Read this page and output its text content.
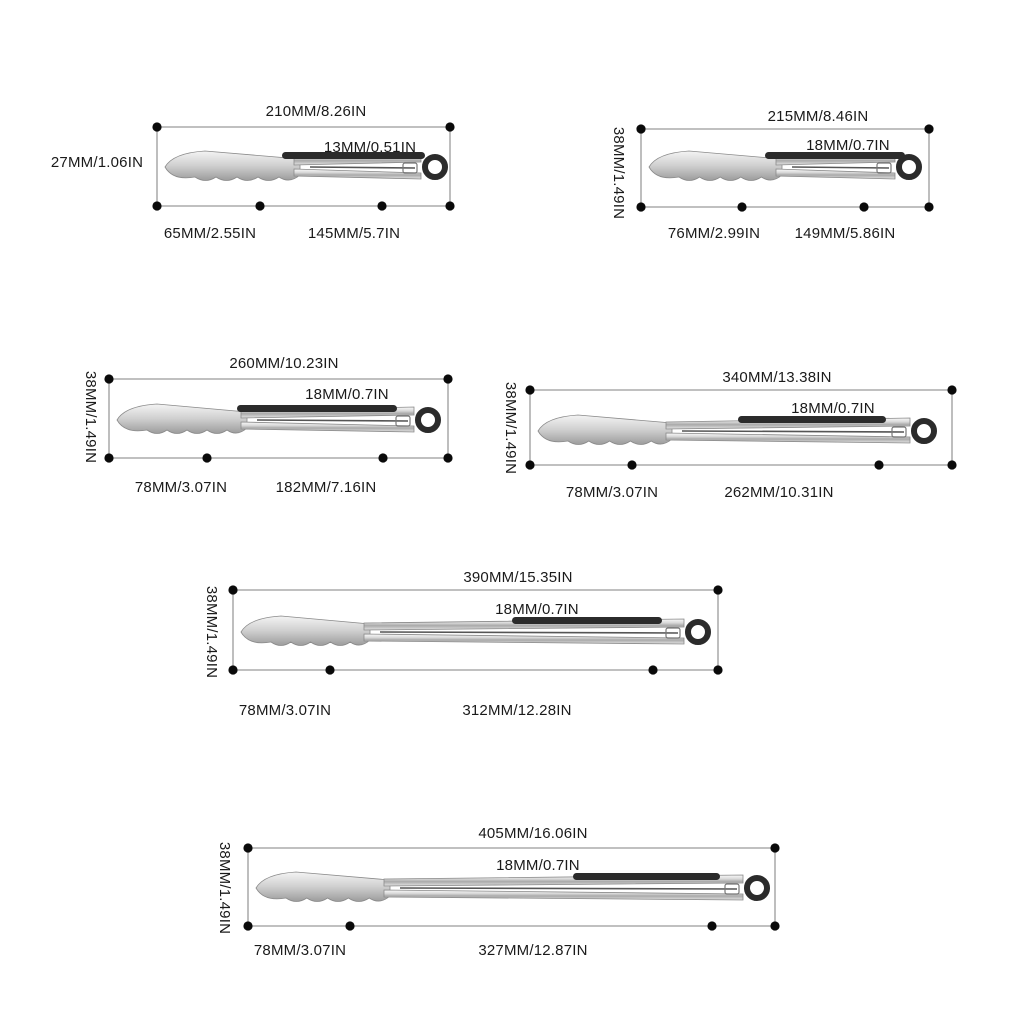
210MM/8.26IN
13MM/0.51IN
65MM/2.55IN	145MM/5.7IN
27MM/1.06IN
215MM/8.46IN
18MM/0.7IN
76MM/2.99IN 149MM/5.86IN
38MM/1.49IN
260MM/10.23IN
18MM/0.7IN
78MM/3.07IN	182MM/7.16IN
38MM/1.49IN	340MM/13.38IN
18MM/0.7IN
78MM/3.07IN	262MM/10.31IN
38MM/1.49IN
390MM/15.35IN
18MM/0.7IN
78MM/3.07IN	312MM/12.28IN
38MM/1.49IN
405MM/16.06IN
18MM/0.7IN
78MM/3.07IN	327MM/12.87IN
38MM/1.49IN
